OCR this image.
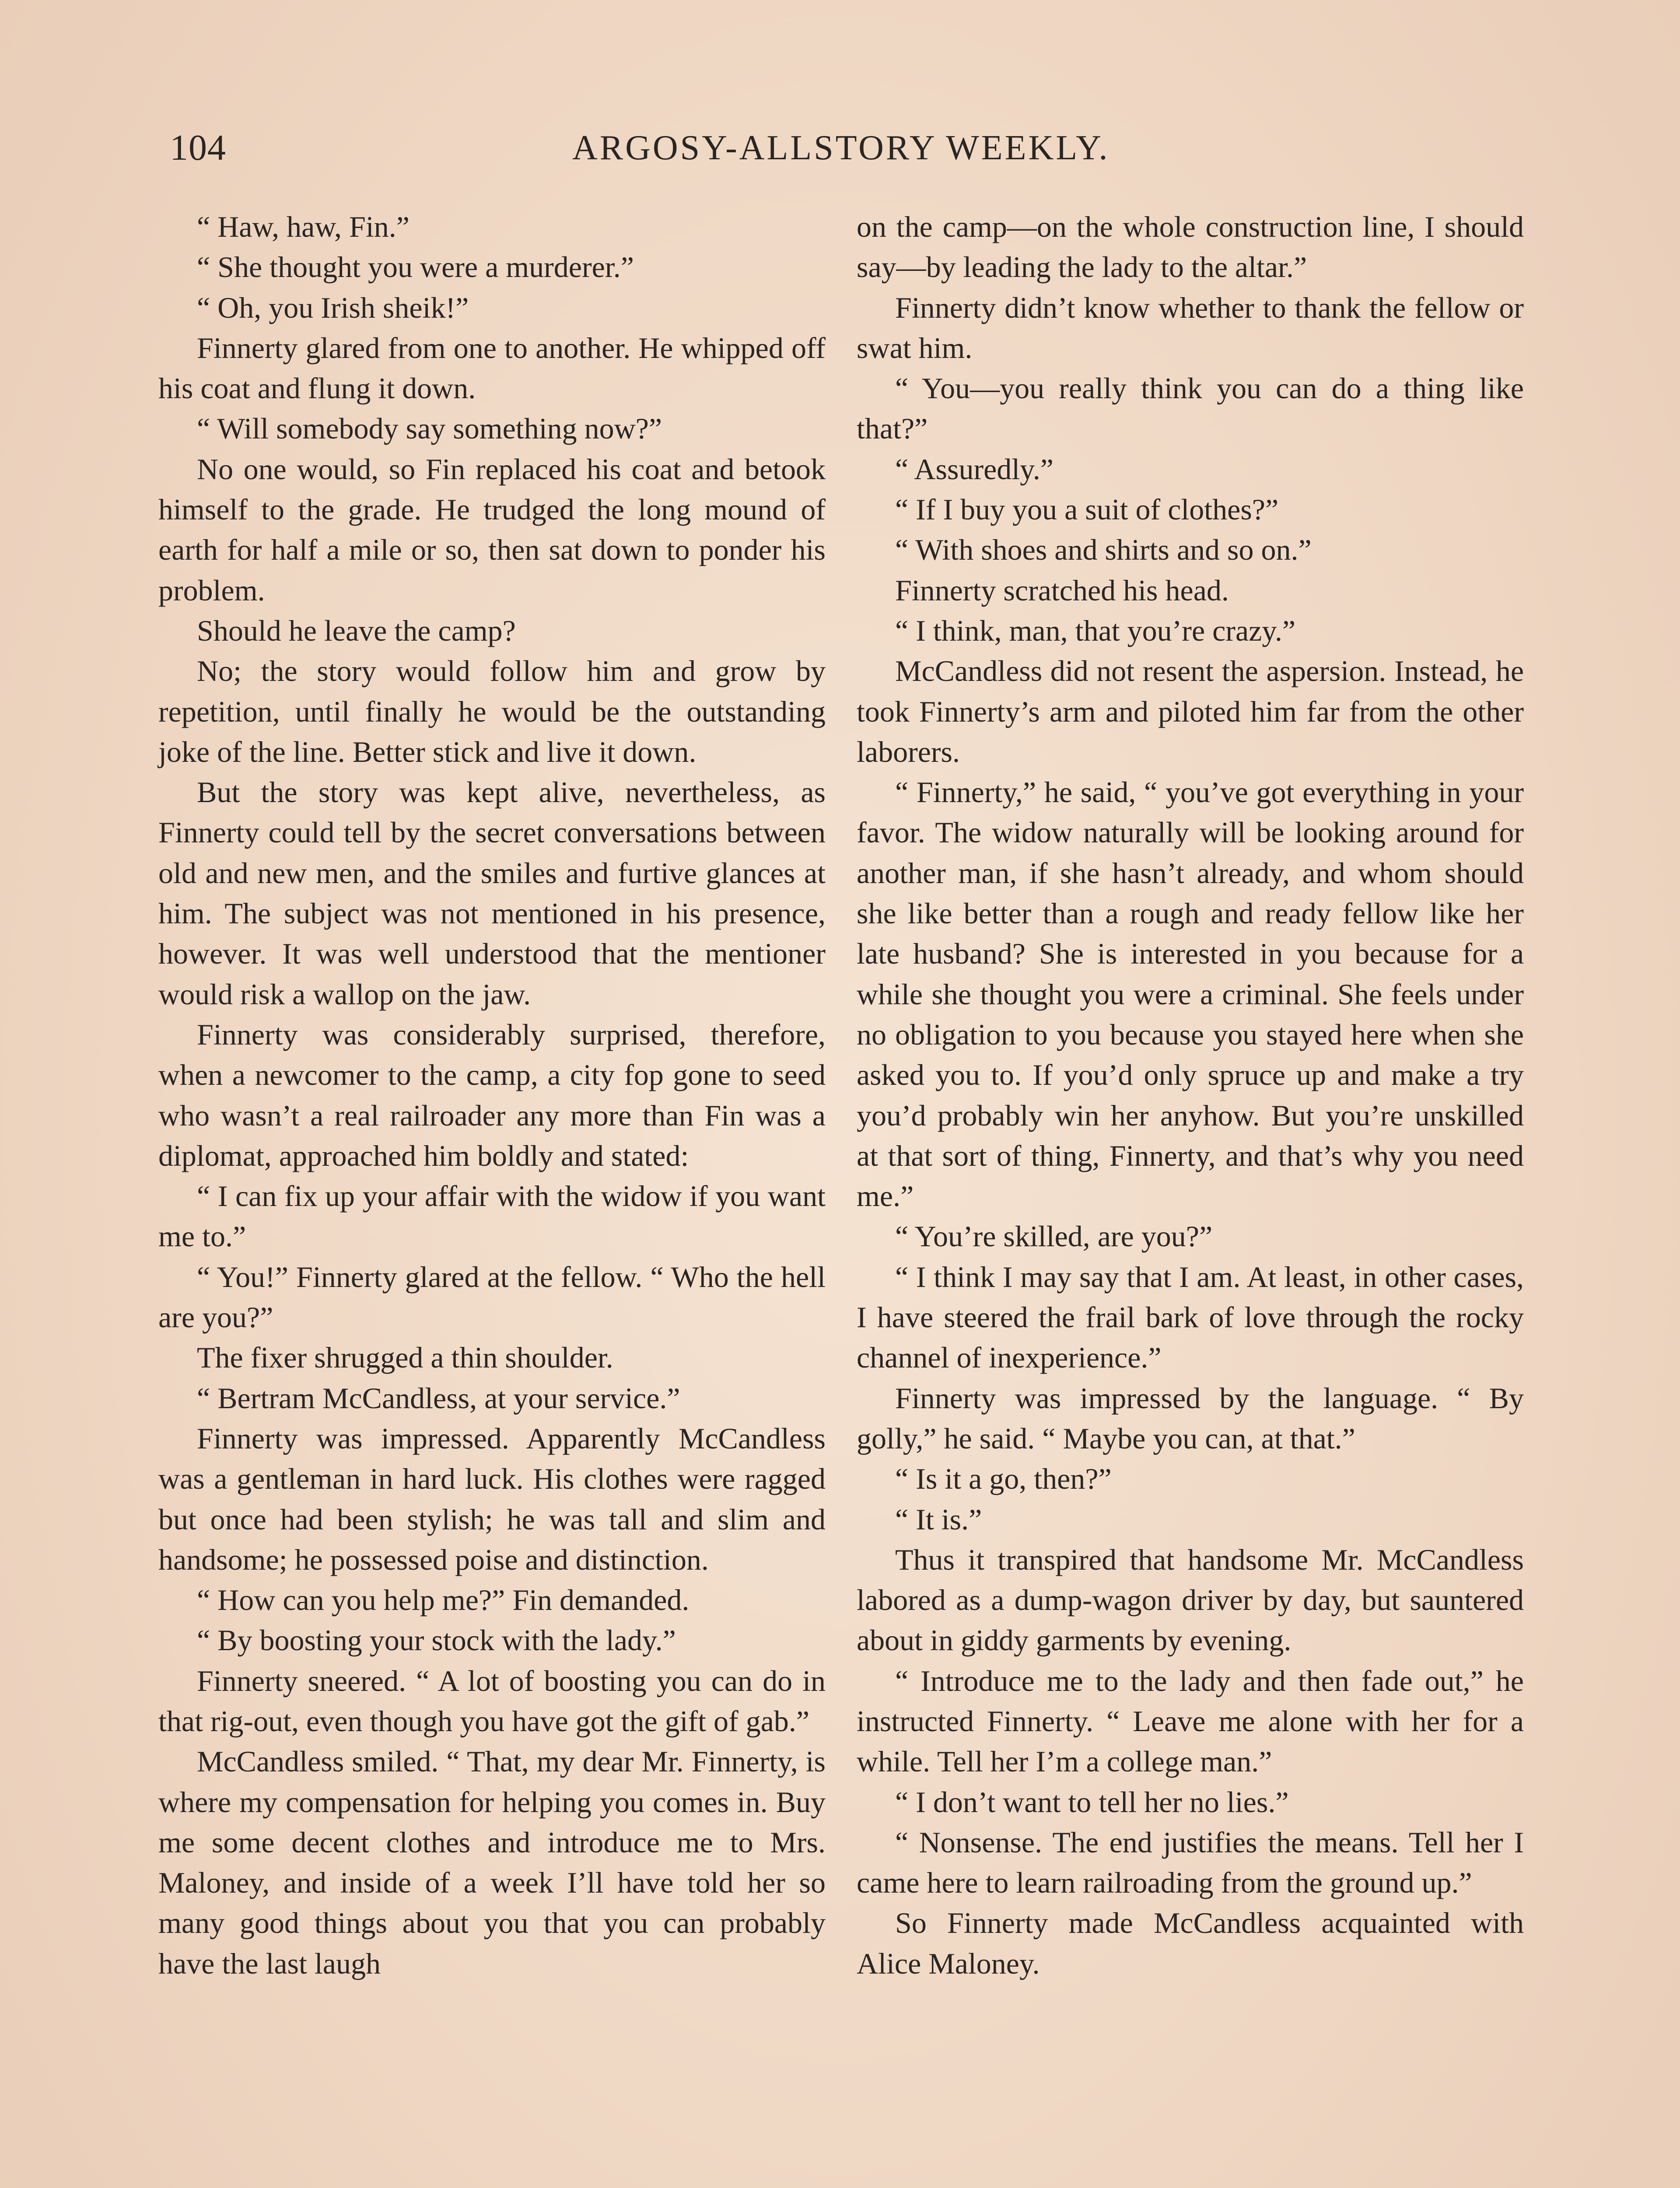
104	ARGOSY-ALLSTORY WEEKLY.

“ Haw, haw, Fin.”

“ She thought you were a murderer.”

“ Oh, you Irish sheik!”

Finnerty glared from one to another. He whipped off his coat and flung it down.

“ Will somebody say something now?”

No one would, so Fin replaced his coat and betook himself to the grade. He trudged the long mound of earth for half a mile or so, then sat down to ponder his problem.

Should he leave the camp?

No; the story would follow him and grow by repetition, until finally he would be the outstanding joke of the line. Better stick and live it down.

But the story was kept alive, nevertheless, as Finnerty could tell by the secret conversations between old and new men, and the smiles and furtive glances at him. The subject was not mentioned in his presence, however. It was well understood that the mentioner would risk a wallop on the jaw.

Finnerty was considerably surprised, therefore, when a newcomer to the camp, a city fop gone to seed who wasn’t a real railroader any more than Fin was a diplomat, approached him boldly and stated:

“ I can fix up your affair with the widow if you want me to.”

“ You!” Finnerty glared at the fellow. “ Who the hell are you?”

The fixer shrugged a thin shoulder.

“ Bertram McCandless, at your service.”

Finnerty was impressed. Apparently McCandless was a gentleman in hard luck. His clothes were ragged but once had been stylish; he was tall and slim and handsome; he possessed poise and distinction.

“ How can you help me?” Fin demanded.

“ By boosting your stock with the lady.”

Finnerty sneered. “ A lot of boosting you can do in that rig-out, even though you have got the gift of gab.”

McCandless smiled. “ That, my dear Mr. Finnerty, is where my compensation for helping you comes in. Buy me some decent clothes and introduce me to Mrs. Maloney, and inside of a week I’ll have told her so many good things about you that you can probably have the last laugh

on the camp—on the whole construction line, I should say—by leading the lady to the altar.”

Finnerty didn’t know whether to thank the fellow or swat him.

“ You—you really think you can do a thing like that?”

“ Assuredly.”

“ If I buy you a suit of clothes?”

“ With shoes and shirts and so on.”

Finnerty scratched his head.

“ I think, man, that you’re crazy.”

McCandless did not resent the aspersion. Instead, he took Finnerty’s arm and piloted him far from the other laborers.

“ Finnerty,” he said, “ you’ve got everything in your favor. The widow naturally will be looking around for another man, if she hasn’t already, and whom should she like better than a rough and ready fellow like her late husband? She is interested in you because for a while she thought you were a criminal. She feels under no obligation to you because you stayed here when she asked you to. If you’d only spruce up and make a try you’d probably win her anyhow. But you’re unskilled at that sort of thing, Finnerty, and that’s why you need me.”

“ You’re skilled, are you?”

“ I think I may say that I am. At least, in other cases, I have steered the frail bark of love through the rocky channel of inexperience.”

Finnerty was impressed by the language. “ By golly,” he said. “ Maybe you can, at that.”

“ Is it a go, then?”

“ It is.”

Thus it transpired that handsome Mr. McCandless labored as a dump-wagon driver by day, but sauntered about in giddy garments by evening.

“ Introduce me to the lady and then fade out,” he instructed Finnerty. “ Leave me alone with her for a while. Tell her I’m a college man.”

“ I don’t want to tell her no lies.”

“ Nonsense. The end justifies the means. Tell her I came here to learn railroading from the ground up.”

So Finnerty made McCandless acquainted with Alice Maloney.
